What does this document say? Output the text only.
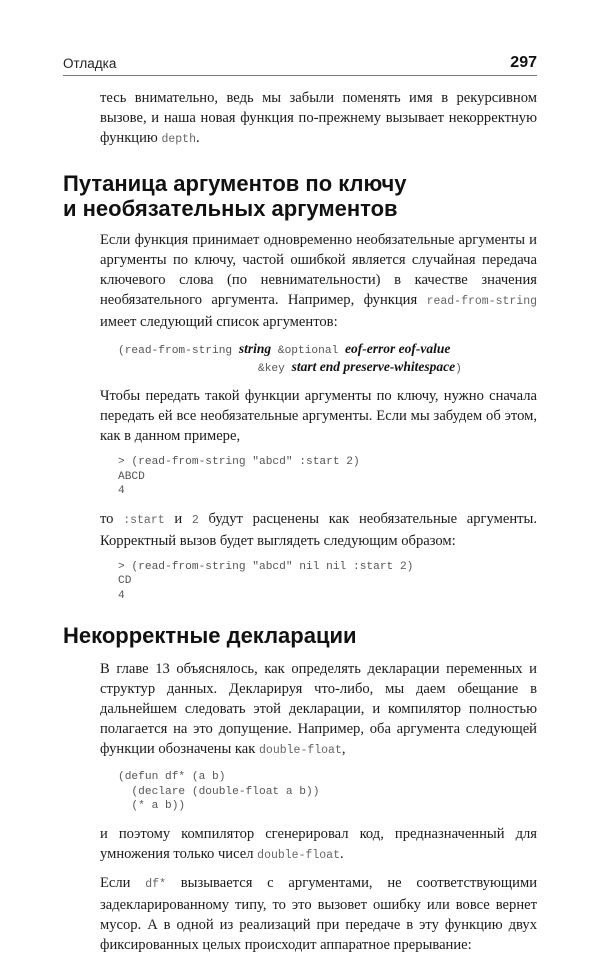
Отладка	297

тесь внимательно, ведь мы забыли поменять имя в рекурсивном вызове, и наша новая функция по-прежнему вызывает некорректную функцию depth.

Путаница аргументов по ключу
и необязательных аргументов

Если функция принимает одновременно необязательные аргументы и аргументы по ключу, частой ошибкой является случайная передача ключевого слова (по невнимательности) в качестве значения необязательного аргумента. Например, функция read-from-string имеет следующий список аргументов:

(read-from-string string &optional eof-error eof-value
&key start end preserve-whitespace)

Чтобы передать такой функции аргументы по ключу, нужно сначала передать ей все необязательные аргументы. Если мы забудем об этом, как в данном примере,

> (read-from-string "abcd" :start 2)
ABCD
4

то :start и 2 будут расценены как необязательные аргументы. Корректный вызов будет выглядеть следующим образом:

> (read-from-string "abcd" nil nil :start 2)
CD
4
Некорректные декларации

В главе 13 объяснялось, как определять декларации переменных и структур данных. Декларируя что-либо, мы даем обещание в дальнейшем следовать этой декларации, и компилятор полностью полагается на это допущение. Например, оба аргумента следующей функции обозначены как double-float,

(defun df* (a b)
(declare (double-float a b))
(* a b))

и поэтому компилятор сгенерировал код, предназначенный для умножения только чисел double-float.

Если df* вызывается с аргументами, не соответствующими задекларированному типу, то это вызовет ошибку или вовсе вернет мусор. А в одной из реализаций при передаче в эту функцию двух фиксированных целых происходит аппаратное прерывание:
